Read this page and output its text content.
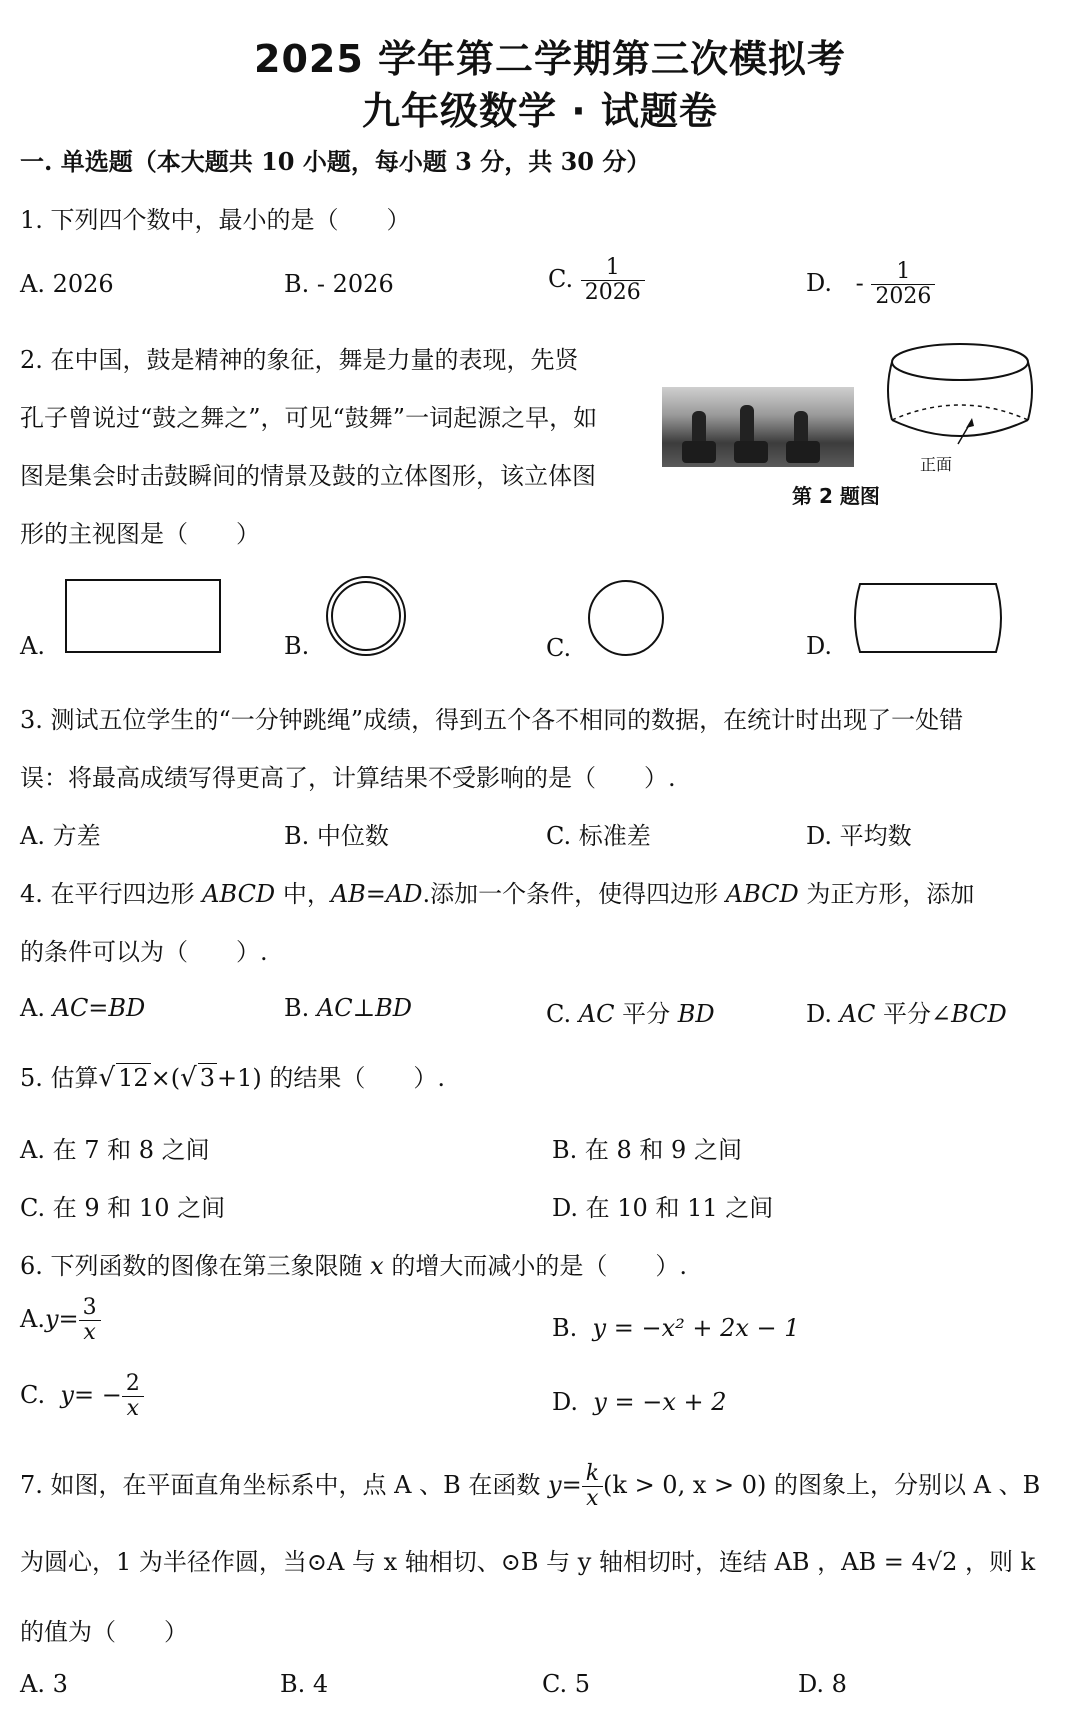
2025 学年第二学期第三次模拟考
九年级数学 · 试题卷
一. 单选题（本大题共 10 小题，每小题 3 分，共 30 分）
1. 下列四个数中，最小的是（　　）
A. 2026	B. - 2026	C. $\frac{1}{2026}$	D. - $\frac{1}{2026}$
2. 在中国，鼓是精神的象征，舞是力量的表现，先贤
孔子曾说过“鼓之舞之”，可见“鼓舞”一词起源之早，如
图是集会时击鼓瞬间的情景及鼓的立体图形，该立体图
形的主视图是（　　）
正面
第 2 题图
A.	B.	C.	D.
3. 测试五位学生的“一分钟跳绳”成绩，得到五个各不相同的数据，在统计时出现了一处错
误：将最高成绩写得更高了，计算结果不受影响的是（　　）.
A. 方差	B. 中位数	C. 标准差	D. 平均数
4. 在平行四边形 ABCD 中，AB=AD.添加一个条件，使得四边形 ABCD 为正方形，添加
的条件可以为（　　）.
A. AC=BD	B. AC⊥BD	C. AC 平分 BD	D. AC 平分∠BCD
5. 估算√ 12×(√ 3+1) 的结果（　　）.
A. 在 7 和 8 之间	B. 在 8 和 9 之间
C. 在 9 和 10 之间	D. 在 10 和 11 之间
6. 下列函数的图像在第三象限随 x 的增大而减小的是（　　）.
$A.y= \frac{3}{x}$	B. y = −x² + 2x − 1
C. $y= - \frac{2}{x}$	D. y = −x + 2
7. 如图，在平面直角坐标系中，点 A 、B 在函数 $y= \frac{k}{x} (k > 0$, x > 0) 的图象上，分别以 A 、B
为圆心，1 为半径作圆，当⊙A 与 x 轴相切、⊙B 与 y 轴相切时，连结 AB ，AB = 4√2 ，则 k
的值为（　　）
A. 3	B. 4	C. 5	D. 8
